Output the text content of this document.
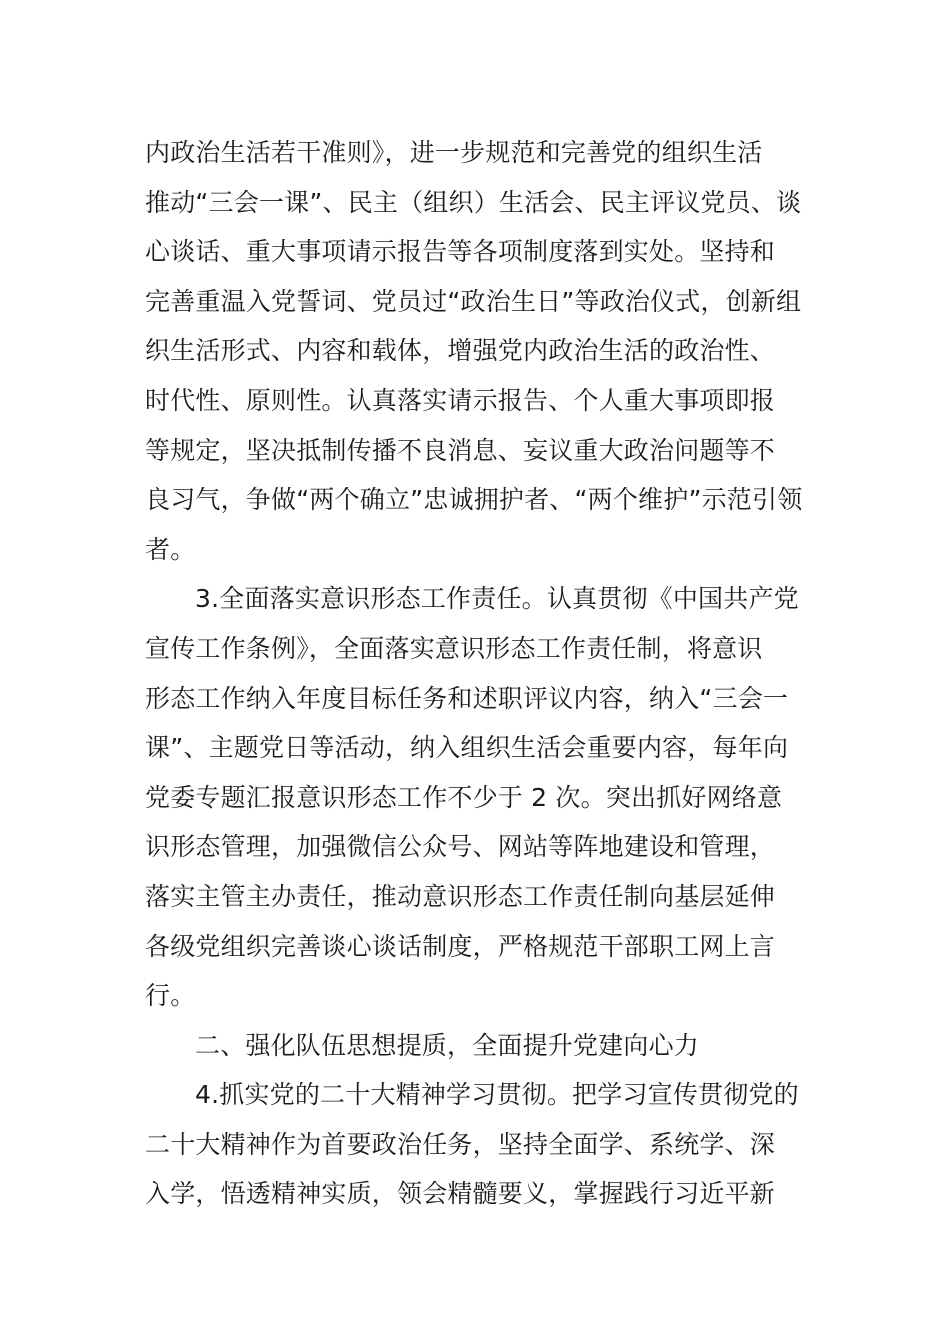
内政治生活若干准则》，进一步规范和完善党的组织生活
推动“三会一课”、民主（组织）生活会、民主评议党员、谈
心谈话、重大事项请示报告等各项制度落到实处。坚持和
完善重温入党誓词、党员过“政治生日”等政治仪式，创新组
织生活形式、内容和载体，增强党内政治生活的政治性、
时代性、原则性。认真落实请示报告、个人重大事项即报
等规定，坚决抵制传播不良消息、妄议重大政治问题等不
良习气，争做“两个确立”忠诚拥护者、“两个维护”示范引领
者。
3.全面落实意识形态工作责任。认真贯彻《中国共产党
宣传工作条例》，全面落实意识形态工作责任制，将意识
形态工作纳入年度目标任务和述职评议内容，纳入“三会一
课”、主题党日等活动，纳入组织生活会重要内容，每年向
党委专题汇报意识形态工作不少于 2 次。突出抓好网络意
识形态管理，加强微信公众号、网站等阵地建设和管理，
落实主管主办责任，推动意识形态工作责任制向基层延伸
各级党组织完善谈心谈话制度，严格规范干部职工网上言
行。
二、强化队伍思想提质，全面提升党建向心力
4.抓实党的二十大精神学习贯彻。把学习宣传贯彻党的
二十大精神作为首要政治任务，坚持全面学、系统学、深
入学，悟透精神实质，领会精髓要义，掌握践行习近平新
